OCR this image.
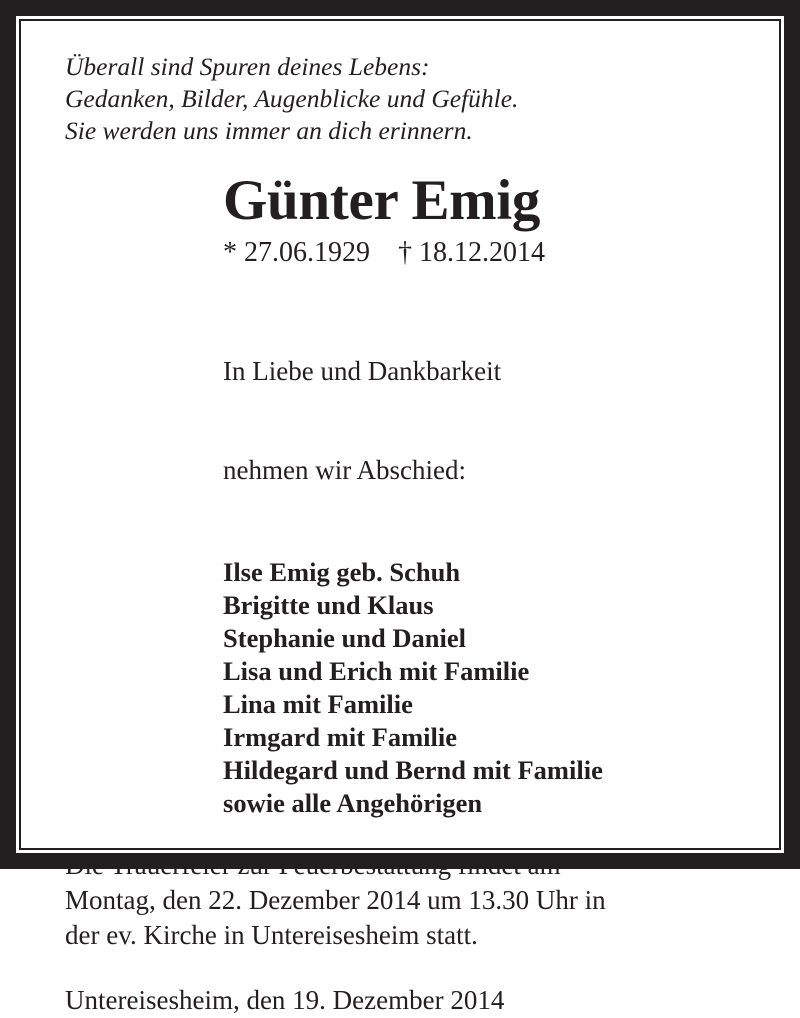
Überall sind Spuren deines Lebens:
Gedanken, Bilder, Augenblicke und Gefühle.
Sie werden uns immer an dich erinnern.
Günter Emig
* 27.06.1929    † 18.12.2014

In Liebe und Dankbarkeit

nehmen wir Abschied:

Ilse Emig geb. Schuh
Brigitte und Klaus
Stephanie und Daniel
Lisa und Erich mit Familie
Lina mit Familie
Irmgard mit Familie
Hildegard und Bernd mit Familie
sowie alle Angehörigen
Die Trauerfeier zur Feuerbestattung findet am
Montag, den 22. Dezember 2014 um 13.30 Uhr in
der ev. Kirche in Untereisesheim statt.
Untereisesheim, den 19. Dezember 2014
